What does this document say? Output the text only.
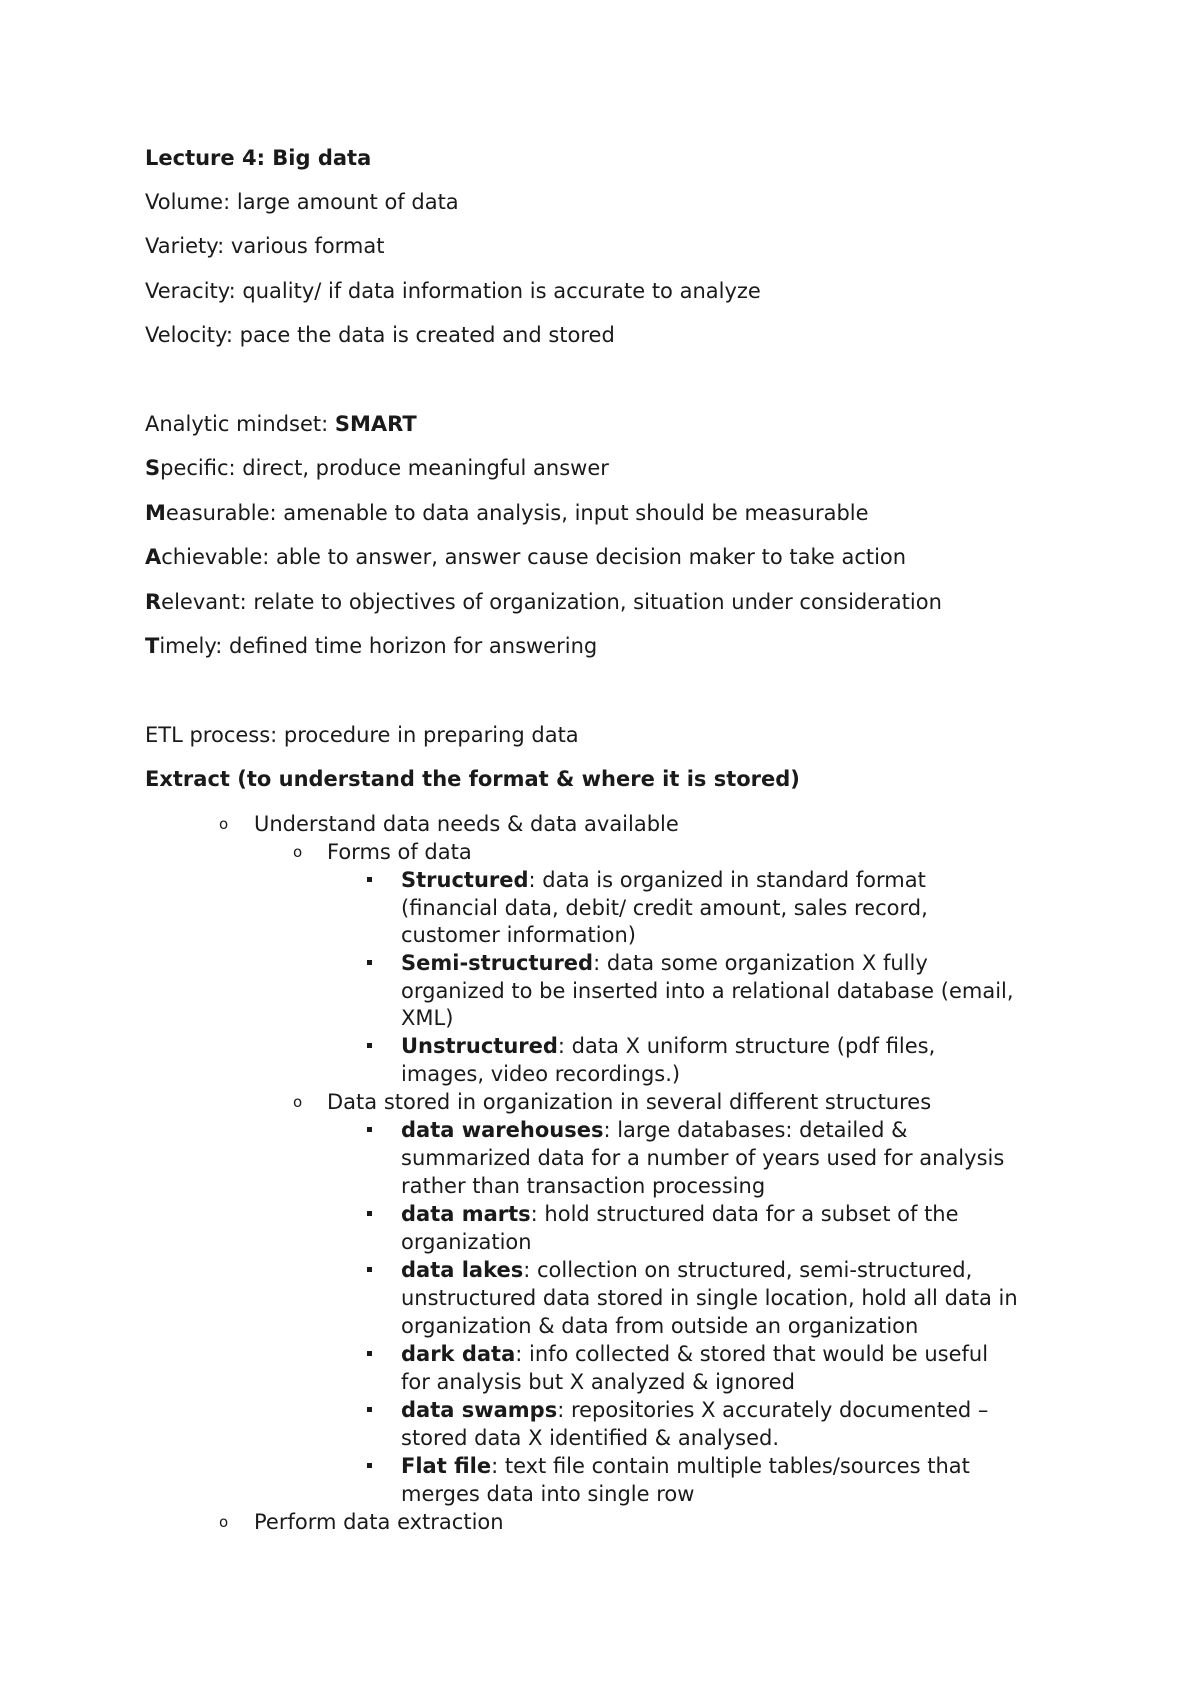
Lecture 4: Big data
Volume: large amount of data
Variety: various format
Veracity: quality/ if data information is accurate to analyze
Velocity: pace the data is created and stored
Analytic mindset: SMART
Specific: direct, produce meaningful answer
Measurable: amenable to data analysis, input should be measurable
Achievable: able to answer, answer cause decision maker to take action
Relevant: relate to objectives of organization, situation under consideration
Timely: defined time horizon for answering
ETL process: procedure in preparing data
Extract (to understand the format & where it is stored)
o Understand data needs & data available
o Forms of data
Structured: data is organized in standard format
(financial data, debit/ credit amount, sales record,
customer information)
Semi-structured: data some organization X fully
organized to be inserted into a relational database (email,
XML)
Unstructured: data X uniform structure (pdf files,
images, video recordings.)
o Data stored in organization in several different structures
data warehouses: large databases: detailed &
summarized data for a number of years used for analysis
rather than transaction processing
data marts: hold structured data for a subset of the
organization
data lakes: collection on structured, semi-structured,
unstructured data stored in single location, hold all data in
organization & data from outside an organization
dark data: info collected & stored that would be useful
for analysis but X analyzed & ignored
data swamps: repositories X accurately documented –
stored data X identified & analysed.
Flat file: text file contain multiple tables/sources that
merges data into single row
o Perform data extraction
